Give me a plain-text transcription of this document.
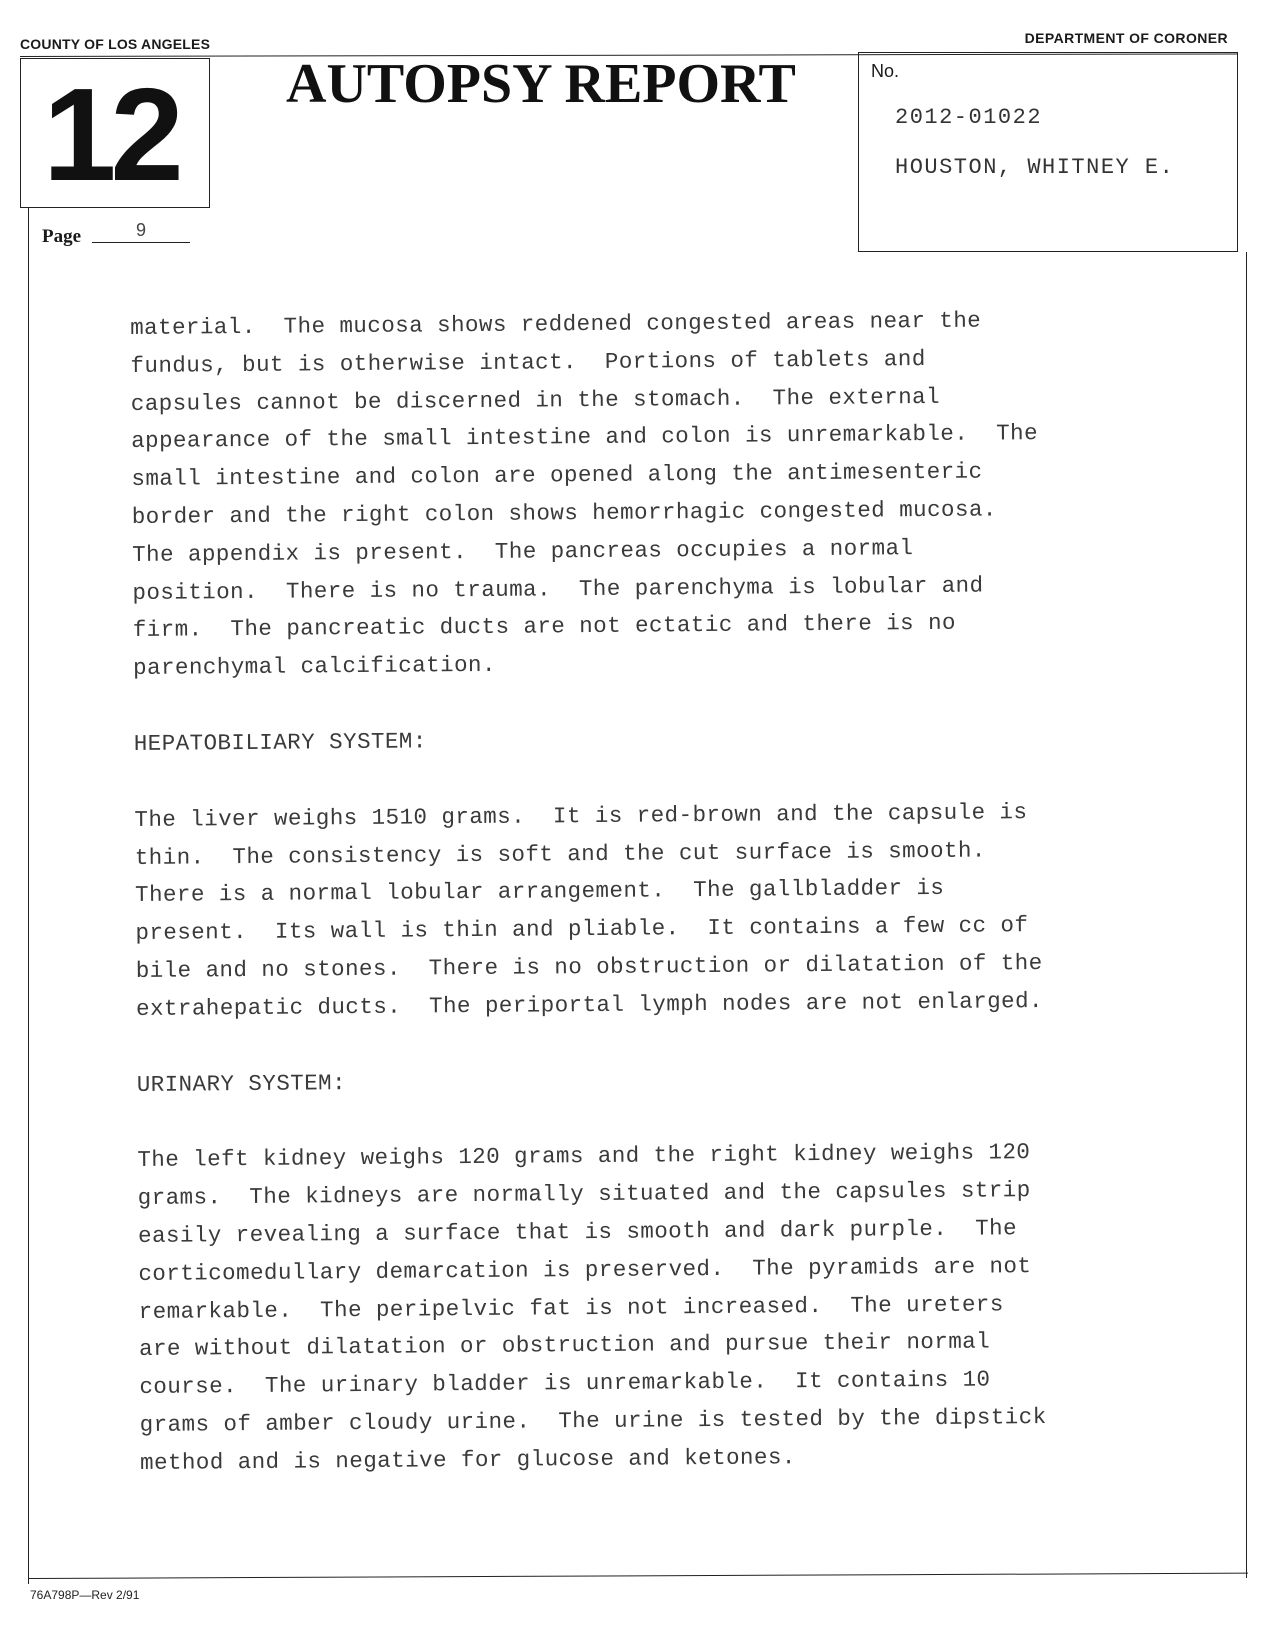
COUNTY OF LOS ANGELES	DEPARTMENT OF CORONER
12
Page	9
AUTOPSY REPORT	No.
2012-01022
HOUSTON, WHITNEY E.
material.  The mucosa shows reddened congested areas near the
fundus, but is otherwise intact.  Portions of tablets and
capsules cannot be discerned in the stomach.  The external
appearance of the small intestine and colon is unremarkable.  The
small intestine and colon are opened along the antimesenteric
border and the right colon shows hemorrhagic congested mucosa.
The appendix is present.  The pancreas occupies a normal
position.  There is no trauma.  The parenchyma is lobular and
firm.  The pancreatic ducts are not ectatic and there is no
parenchymal calcification.
HEPATOBILIARY SYSTEM:
The liver weighs 1510 grams.  It is red-brown and the capsule is
thin.  The consistency is soft and the cut surface is smooth.
There is a normal lobular arrangement.  The gallbladder is
present.  Its wall is thin and pliable.  It contains a few cc of
bile and no stones.  There is no obstruction or dilatation of the
extrahepatic ducts.  The periportal lymph nodes are not enlarged.
URINARY SYSTEM:
The left kidney weighs 120 grams and the right kidney weighs 120
grams.  The kidneys are normally situated and the capsules strip
easily revealing a surface that is smooth and dark purple.  The
corticomedullary demarcation is preserved.  The pyramids are not
remarkable.  The peripelvic fat is not increased.  The ureters
are without dilatation or obstruction and pursue their normal
course.  The urinary bladder is unremarkable.  It contains 10
grams of amber cloudy urine.  The urine is tested by the dipstick
method and is negative for glucose and ketones.
76A798P—Rev 2/91
